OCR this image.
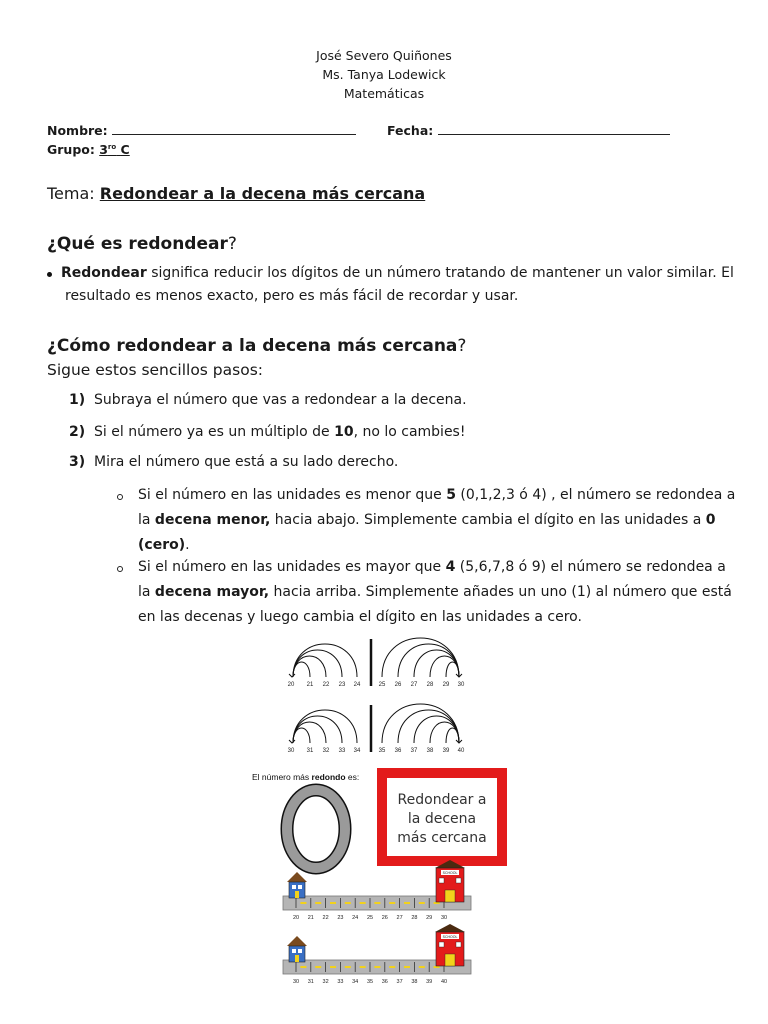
José Severo Quiñones
Ms. Tanya Lodewick
Matemáticas
Nombre:	Fecha:
Grupo: $3^{ro}$ C
Tema: Redondear a la decena más cercana
¿Qué es redondear?
Redondear significa reducir los dígitos de un número tratando de mantener un valor similar. El
resultado es menos exacto, pero es más fácil de recordar y usar.
¿Cómo redondear a la decena más cercana?
Sigue estos sencillos pasos:
1) Subraya el número que vas a redondear a la decena.
2) Si el número ya es un múltiplo de 10, no lo cambies!
3) Mira el número que está a su lado derecho.
Si el número en las unidades es menor que 5 (0,1,2,3 ó 4) , el número se redondea a
la decena menor, hacia abajo. Simplemente cambia el dígito en las unidades a 0
(cero).
Si el número en las unidades es mayor que 4 (5,6,7,8 ó 9) el número se redondea a
la decena mayor, hacia arriba. Simplemente añades un uno (1) al número que está
en las decenas y luego cambia el dígito en las unidades a cero.
20 21 22 23 24	25 26 27 28 29 30
30 31 32 33 34	35 36 37 38 39 40
El número más redondo es:
Redondear a
la decena
más cercana
20 21 22 23 24 25 26 27 28 29 30
SCHOOL
30 31 32 33 34 35 36 37 38 39 40
SCHOOL
